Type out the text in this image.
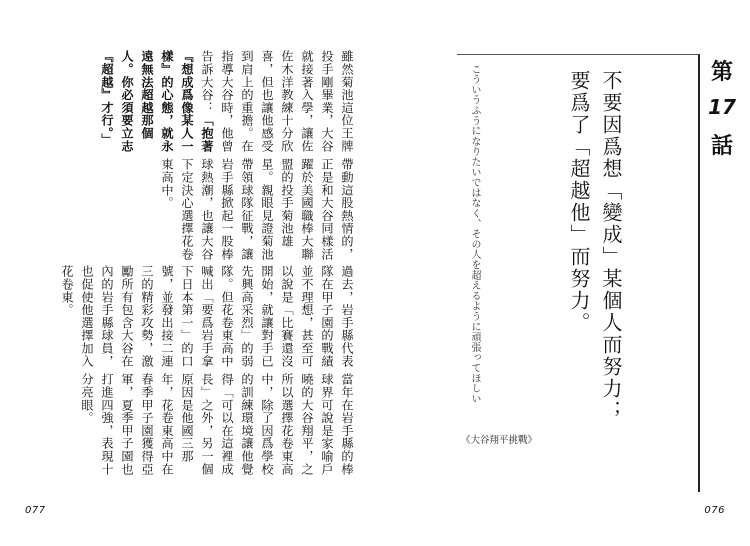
當年在岩手縣的棒球界可說是家喻戶曉的大谷翔平，之所以選擇花卷東高中，除了因爲學校的訓練環境讓他覺得「可以在這裡成長」之外，另一個原因是他國三那年，花卷東高中在春季甲子園獲得亞軍，夏季甲子園也打進四強，表現十分亮眼。

過去，岩手縣代表隊在甲子園的戰績並不理想，甚至可以說是「比賽還沒開始，就讓對手已先興高采烈」的弱隊。但花卷東高中喊出「要爲岩手拿下日本第一」的口號，並發出接二連三的精彩攻勢，激勵所有包含大谷在內的岩手縣球員，也促使他選擇加入花卷東。

帶動這股熱情的，正是和大谷同樣活躍於美國職棒大聯盟的投手菊池雄星。親眼見證菊池帶領球隊征戰，讓岩手縣掀起一股棒球熱潮，也讓大谷下定決心選擇花卷東高中。

雖然菊池這位王牌投手剛畢業，大谷就接著入學，讓佐佐木洋教練十分欣喜，但也讓他感受到肩上的重擔。在指導大谷時，他曾告訴大谷：「抱著『想成爲像某人一樣』的心態，就永遠無法超越那個人。你必須要立志『超越』才行。」

077
第
17
話
不要因爲想「變成」某個人而努力；
要爲了「超越他」而努力。
こういうふうになりたいではなく、その人を超えるように頑張ってほしい
《大谷翔平挑戰》
076
